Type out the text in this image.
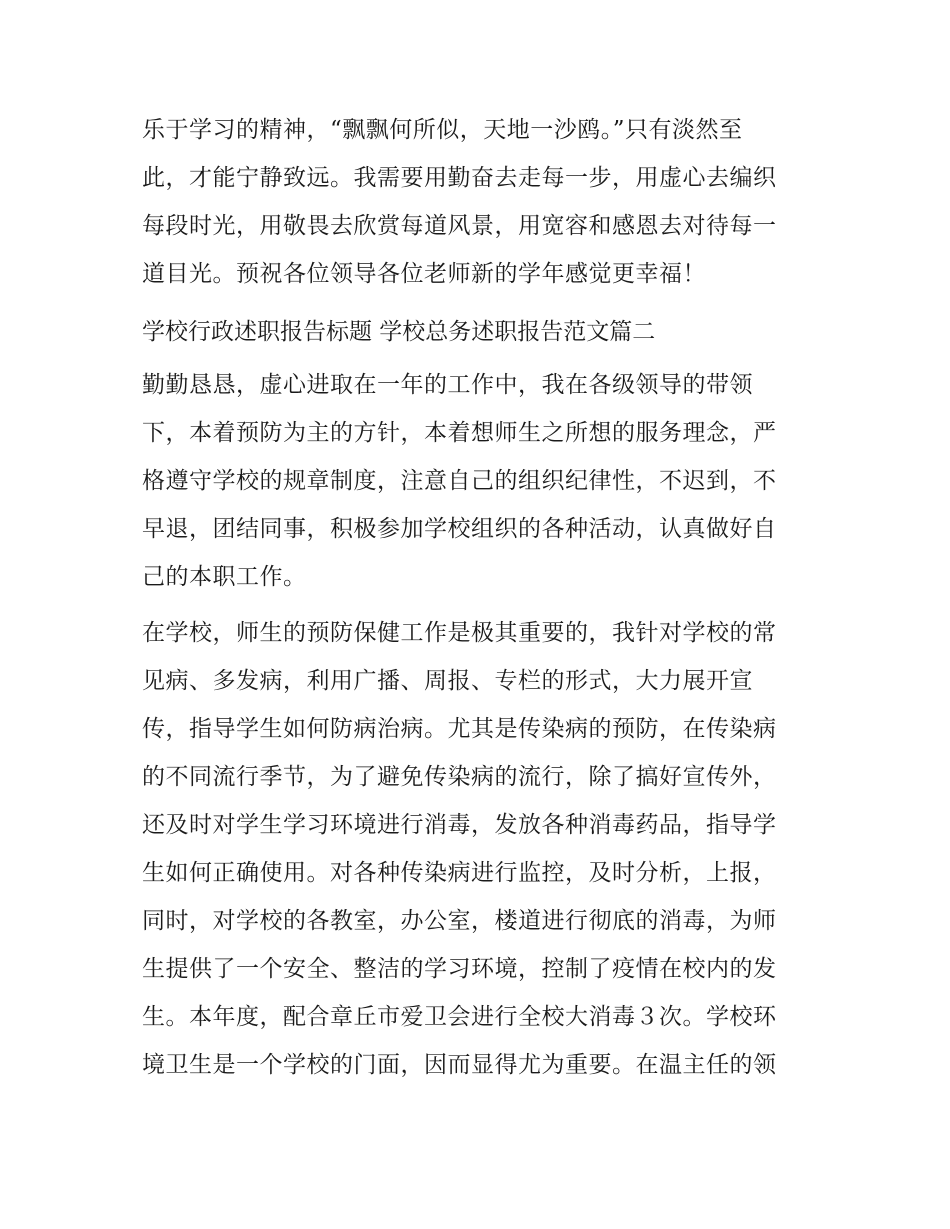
乐于学习的精神，“飘飘何所似，天地一沙鸥。”只有淡然至
此，才能宁静致远。我需要用勤奋去走每一步，用虚心去编织
每段时光，用敬畏去欣赏每道风景，用宽容和感恩去对待每一
道目光。预祝各位领导各位老师新的学年感觉更幸福！
学校行政述职报告标题 学校总务述职报告范文篇二
勤勤恳恳，虚心进取在一年的工作中，我在各级领导的带领
下，本着预防为主的方针，本着想师生之所想的服务理念，严
格遵守学校的规章制度，注意自己的组织纪律性，不迟到，不
早退，团结同事，积极参加学校组织的各种活动，认真做好自
己的本职工作。
在学校，师生的预防保健工作是极其重要的，我针对学校的常
见病、多发病，利用广播、周报、专栏的形式，大力展开宣
传，指导学生如何防病治病。尤其是传染病的预防，在传染病
的不同流行季节，为了避免传染病的流行，除了搞好宣传外，
还及时对学生学习环境进行消毒，发放各种消毒药品，指导学
生如何正确使用。对各种传染病进行监控，及时分析，上报，
同时，对学校的各教室，办公室，楼道进行彻底的消毒，为师
生提供了一个安全、整洁的学习环境，控制了疫情在校内的发
生。本年度，配合章丘市爱卫会进行全校大消毒３次。学校环
境卫生是一个学校的门面，因而显得尤为重要。在温主任的领
